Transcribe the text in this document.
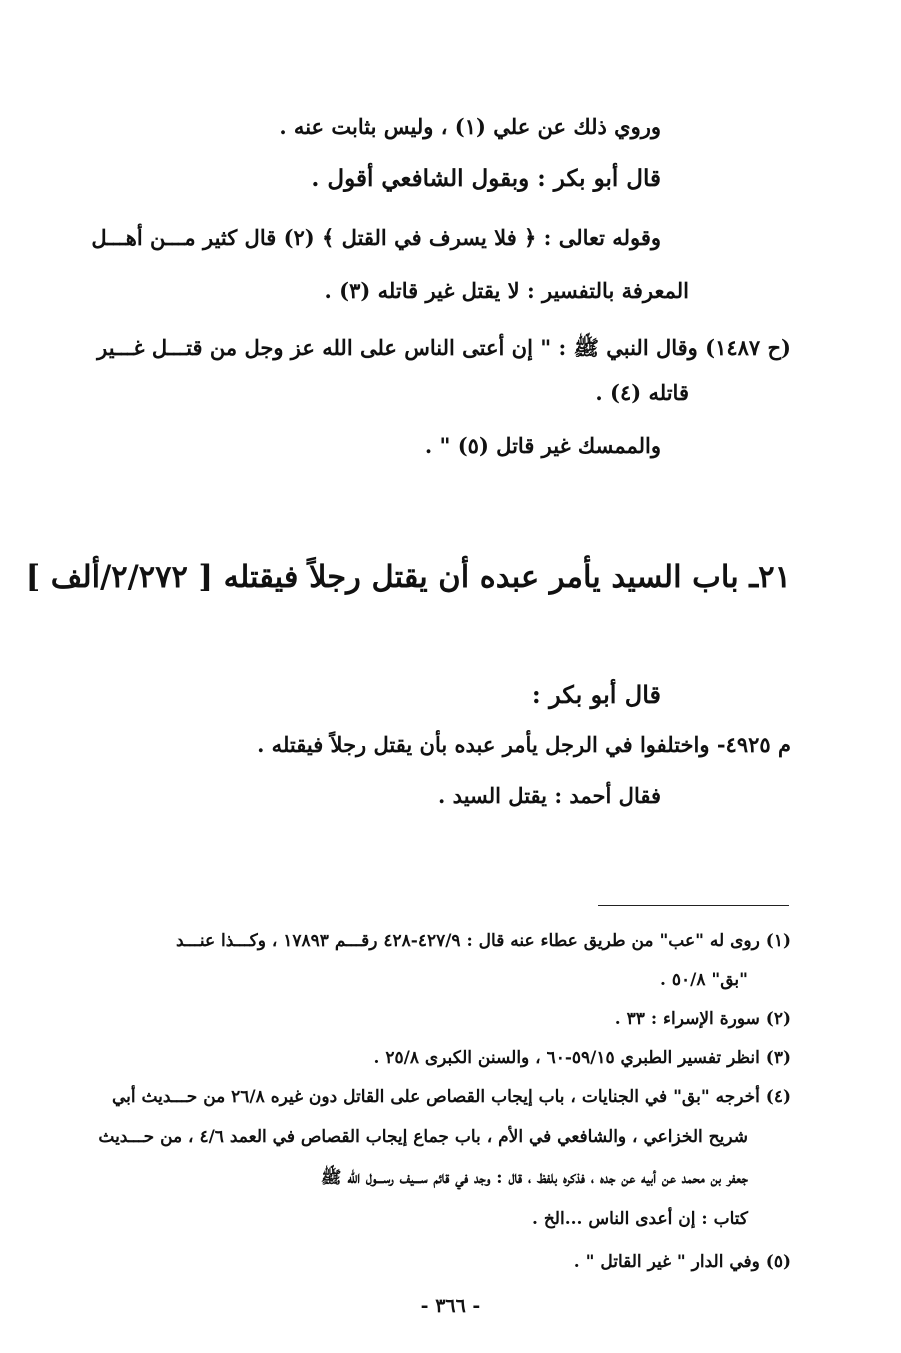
وروي ذلك عن علي (١) ، وليس بثابت عنه .
قال أبو بكر : وبقول الشافعي أقول .
وقوله تعالى : ﴿ فلا يسرف في القتل ﴾ (٢) قال كثير مـــن أهـــل
المعرفة بالتفسير : لا يقتل غير قاتله (٣) .
(ح ١٤٨٧) وقال النبي ﷺ : " إن أعتى الناس على الله عز وجل من قتـــل غـــير
قاتله (٤) .
والممسك غير قاتل (٥) " .
٢١ـ باب السيد يأمر عبده أن يقتل رجلاً فيقتله [ ٢/٢٧٢/ألف ]
قال أبو بكر :
م ٤٩٢٥- واختلفوا في الرجل يأمر عبده بأن يقتل رجلاً فيقتله .
فقال أحمد : يقتل السيد .
(١) روى له "عب" من طريق عطاء عنه قال : ٤٢٧/٩-٤٢٨ رقـــم ١٧٨٩٣ ، وكـــذا عنـــد
"بق" ٥٠/٨ .
(٢) سورة الإسراء : ٣٣ .
(٣) انظر تفسير الطبري ٥٩/١٥-٦٠ ، والسنن الكبرى ٢٥/٨ .
(٤) أخرجه "بق" في الجنايات ، باب إيجاب القصاص على القاتل دون غيره ٢٦/٨ من حـــديث أبي
شريح الخزاعي ، والشافعي في الأم ، باب جماع إيجاب القصاص في العمد ٤/٦ ، من حـــديث
جعفر بن محمد عن أبيه عن جده ، فذكره بلفظ ، قال : وجد في قائم ســـيف رســـول الله ﷺ
كتاب : إن أعدى الناس ...الخ .
(٥) وفي الدار " غير القاتل " .
- ٣٦٦ -
